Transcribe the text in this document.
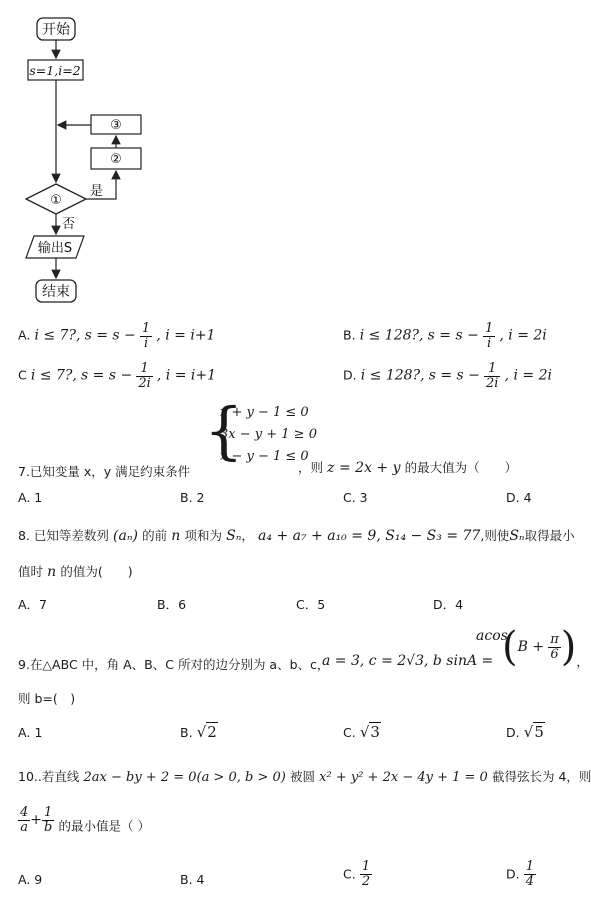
开始
s=1,i=2
③
②
①
是
否
输出S
结束
A. i ≤ 7?, $s = s - \frac{1}{i}$ , i = i+1	B. i ≤ 128?, $s = s - \frac{1}{i}$ , i = 2i
C i ≤ 7?, $s = s - \frac{1}{2i}$ , i = i+1	D. i ≤ 128?, $s = s - \frac{1}{2i}$ , i = 2i
{
x + y − 1 ≤ 0
3x − y + 1 ≥ 0
x − y − 1 ≤ 0
7.已知变量 x，y 满足约束条件	，则 z = 2x + y 的最大值为（　　）
A. 1	B. 2	C. 3	D. 4
8. 已知等差数列 (aₙ) 的前 n 项和为 Sₙ， a₄ + a₇ + a₁₀ = 9, S₁₄ − S₃ = 77,则使Sₙ取得最小
值时 n 的值为(　　)
A．7	B．6	C．5	D．4
9.在△ABC 中，角 A、B、C 所对的边分别为 a、b、c，
a = 3, c = 2√3, b sinA =
acos
($B + \frac{\pi}{6}$ )，
则 b=(　)
A. 1	B. √2	C. √3	D. √5
10..若直线 2ax − by + 2 = 0(a > 0, b > 0) 被圆 x² + y² + 2x − 4y + 1 = 0 截得弦长为 4，则
$\frac{4}{a} + \frac{1}{b}$ 的最小值是（ ）
A. 9	B. 4	C. $\frac{1}{2}$	D. $\frac{1}{4}$
